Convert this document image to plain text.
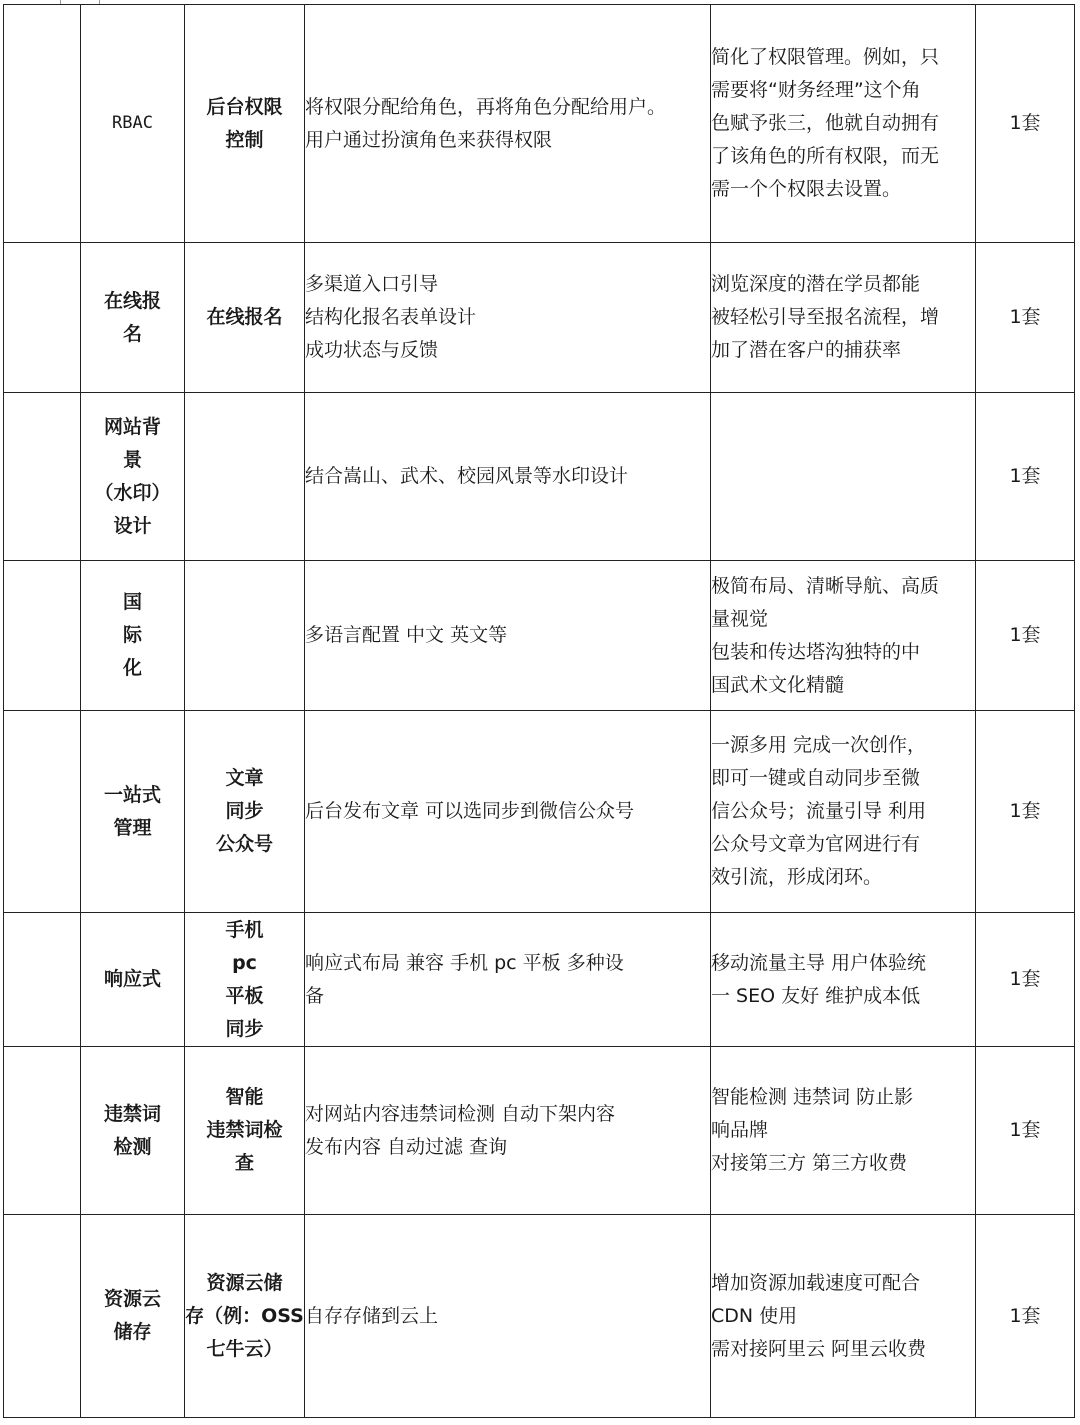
	RBAC	后台权限
控制	将权限分配给角色，再将角色分配给用户。
用户通过扮演角色来获得权限	简化了权限管理。例如，只
需要将“财务经理”这个角
色赋予张三，他就自动拥有
了该角色的所有权限，而无
需一个个权限去设置。	1套

	在线报
名	在线报名	多渠道入口引导
结构化报名表单设计
成功状态与反馈	浏览深度的潜在学员都能
被轻松引导至报名流程，增
加了潜在客户的捕获率	1套

	网站背
景
（水印）
设计		结合嵩山、武术、校园风景等水印设计		1套

	国
际
化		多语言配置 中文 英文等	极简布局、清晰导航、高质
量视觉
包装和传达塔沟独特的中
国武术文化精髓	1套

	一站式
管理	文章
同步
公众号	后台发布文章 可以选同步到微信公众号	一源多用 完成一次创作，
即可一键或自动同步至微
信公众号；流量引导 利用
公众号文章为官网进行有
效引流，形成闭环。	1套

	响应式	手机
pc
平板
同步	响应式布局 兼容 手机 pc 平板 多种设
备	移动流量主导 用户体验统
一 SEO 友好 维护成本低	1套

	违禁词
检测	智能
违禁词检
查	对网站内容违禁词检测 自动下架内容
发布内容 自动过滤 查询	智能检测 违禁词 防止影
响品牌
对接第三方 第三方收费	1套

	资源云
储存	资源云储
存（例：OSS
七牛云）	自存存储到云上	增加资源加载速度可配合
CDN 使用
需对接阿里云 阿里云收费	1套
